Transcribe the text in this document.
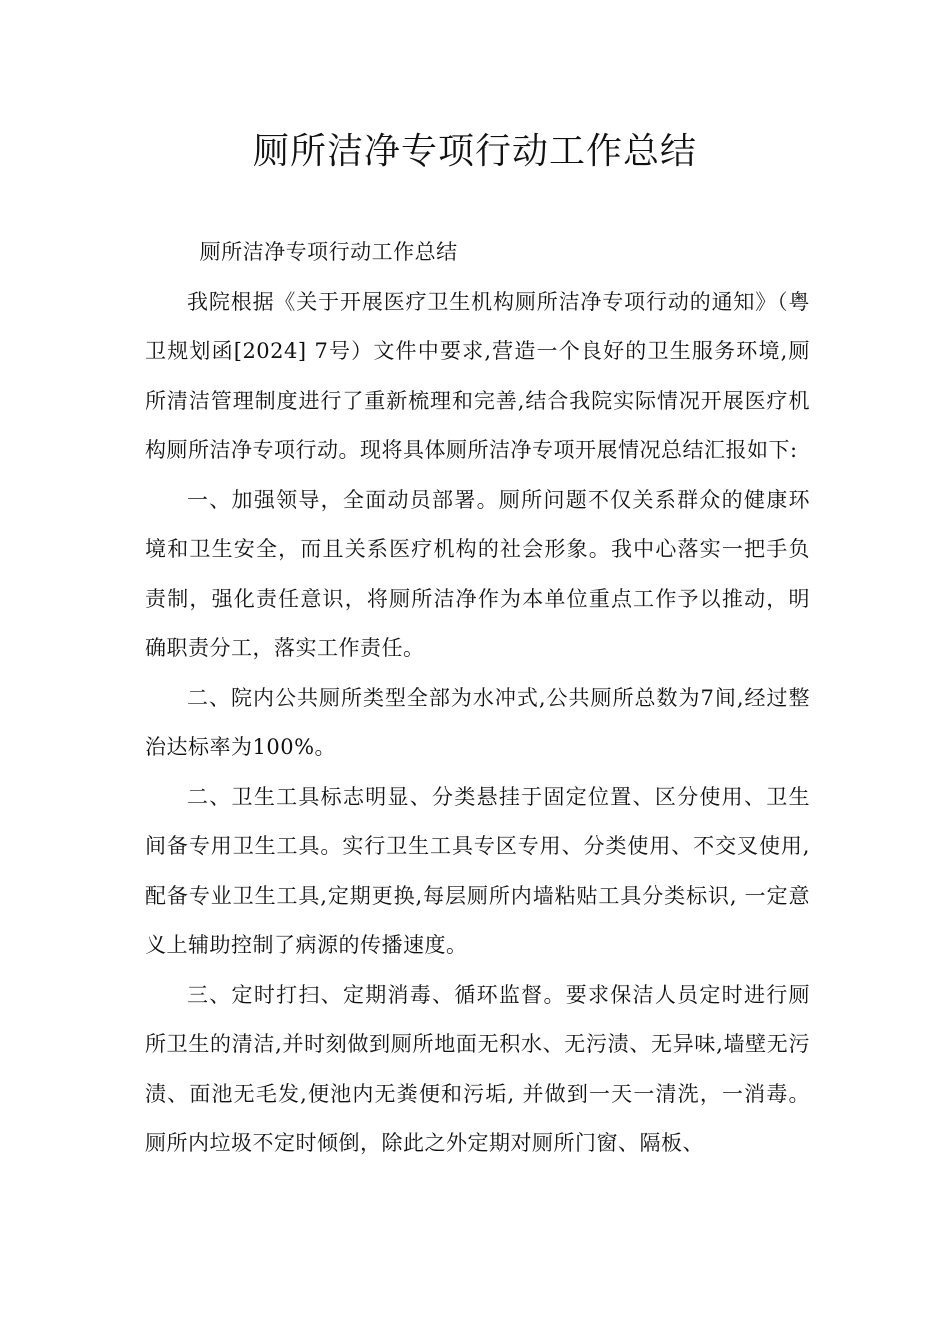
厕所洁净专项行动工作总结

厕所洁净专项行动工作总结

我院根据《关于开展医疗卫生机构厕所洁净专项行动的通知》（粤卫规划函[2024] 7号）文件中要求,营造一个良好的卫生服务环境,厕所清洁管理制度进行了重新梳理和完善,结合我院实际情况开展医疗机构厕所洁净专项行动。现将具体厕所洁净专项开展情况总结汇报如下:

一、加强领导，全面动员部署。厕所问题不仅关系群众的健康环境和卫生安全，而且关系医疗机构的社会形象。我中心落实一把手负责制，强化责任意识，将厕所洁净作为本单位重点工作予以推动，明确职责分工，落实工作责任。

二、院内公共厕所类型全部为水冲式,公共厕所总数为7间,经过整治达标率为100%。

二、卫生工具标志明显、分类悬挂于固定位置、区分使用、卫生间备专用卫生工具。实行卫生工具专区专用、分类使用、不交叉使用,配备专业卫生工具,定期更换,每层厕所内墙粘贴工具分类标识, 一定意义上辅助控制了病源的传播速度。

三、定时打扫、定期消毒、循环监督。要求保洁人员定时进行厕所卫生的清洁,并时刻做到厕所地面无积水、无污渍、无异味,墙壁无污渍、面池无毛发,便池内无粪便和污垢, 并做到一天一清洗，一消毒。厕所内垃圾不定时倾倒，除此之外定期对厕所门窗、隔板、
